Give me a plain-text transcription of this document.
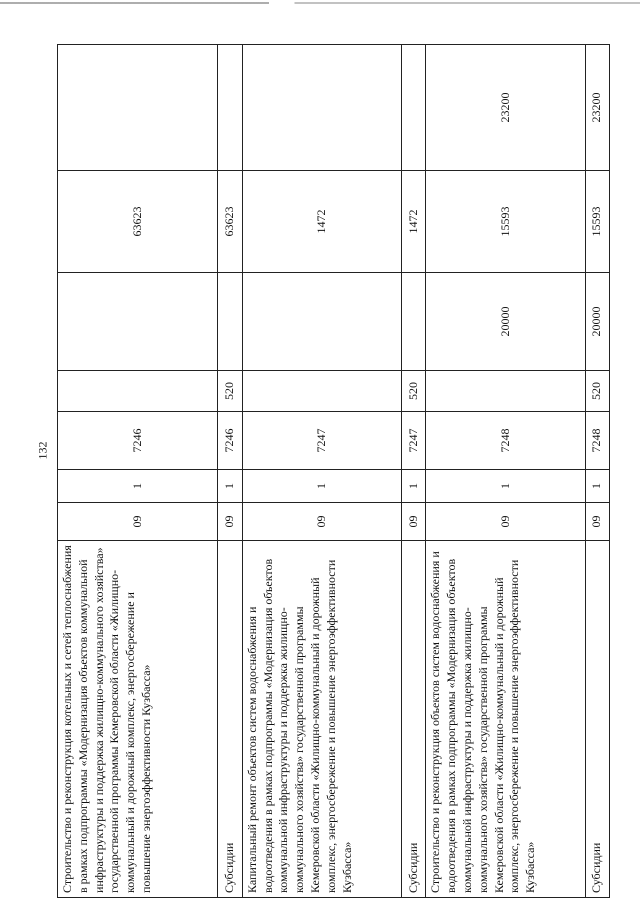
132
Строительство и реконструкция котельных и сетей теплоснабжения в рамках подпрограммы «Модернизация объектов коммунальной инфраструктуры и поддержка жилищно-коммунального хозяйства» государственной программы Кемеровской области «Жилищно-коммунальный и дорожный комплекс, энергосбережение и повышение энергоэффективности Кузбасса»	09	1	7246			63623	
Субсидии	09	1	7246	520		63623	
Капитальный ремонт объектов систем водоснабжения и водоотведения в рамках подпрограммы «Модернизация объектов коммунальной инфраструктуры и поддержка жилищно-коммунального хозяйства» государственной программы Кемеровской области «Жилищно-коммунальный и дорожный комплекс, энергосбережение и повышение энергоэффективности Кузбасса»	09	1	7247			1472	
Субсидии	09	1	7247	520		1472	
Строительство и реконструкция объектов систем водоснабжения и водоотведения в рамках подпрограммы «Модернизация объектов коммунальной инфраструктуры и поддержка жилищно-коммунального хозяйства» государственной программы Кемеровской области «Жилищно-коммунальный и дорожный комплекс, энергосбережение и повышение энергоэффективности Кузбасса»	09	1	7248		20000	15593	23200
Субсидии	09	1	7248	520	20000	15593	23200
